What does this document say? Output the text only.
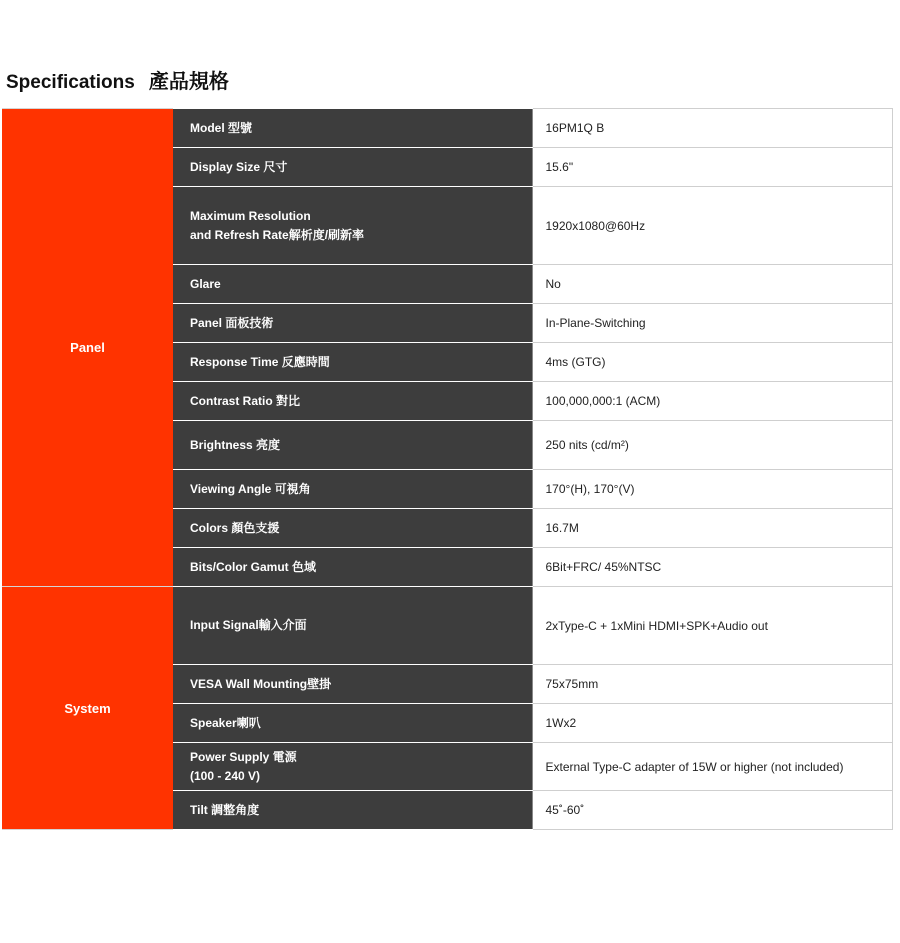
Specifications 產品規格
Panel	Model 型號	16PM1Q B

	Display Size 尺寸	15.6"

	Maximum Resolution
and Refresh Rate解析度/刷新率	1920x1080@60Hz

	Glare	No

	Panel 面板技術	In-Plane-Switching

	Response Time 反應時間	4ms (GTG)

	Contrast Ratio 對比	100,000,000:1 (ACM)

	Brightness 亮度	250 nits (cd/m²)

	Viewing Angle 可視角	170°(H), 170°(V)

	Colors 顏色支援	16.7M

	Bits/Color Gamut 色域	6Bit+FRC/ 45%NTSC
System	Input Signal輸入介面	2xType-C + 1xMini HDMI+SPK+Audio out

	VESA Wall Mounting壁掛	75x75mm

	Speaker喇叭	1Wx2

	Power Supply 電源
(100 - 240 V)	External Type-C adapter of 15W or higher (not included)

	Tilt 調整角度	45˚-60˚
